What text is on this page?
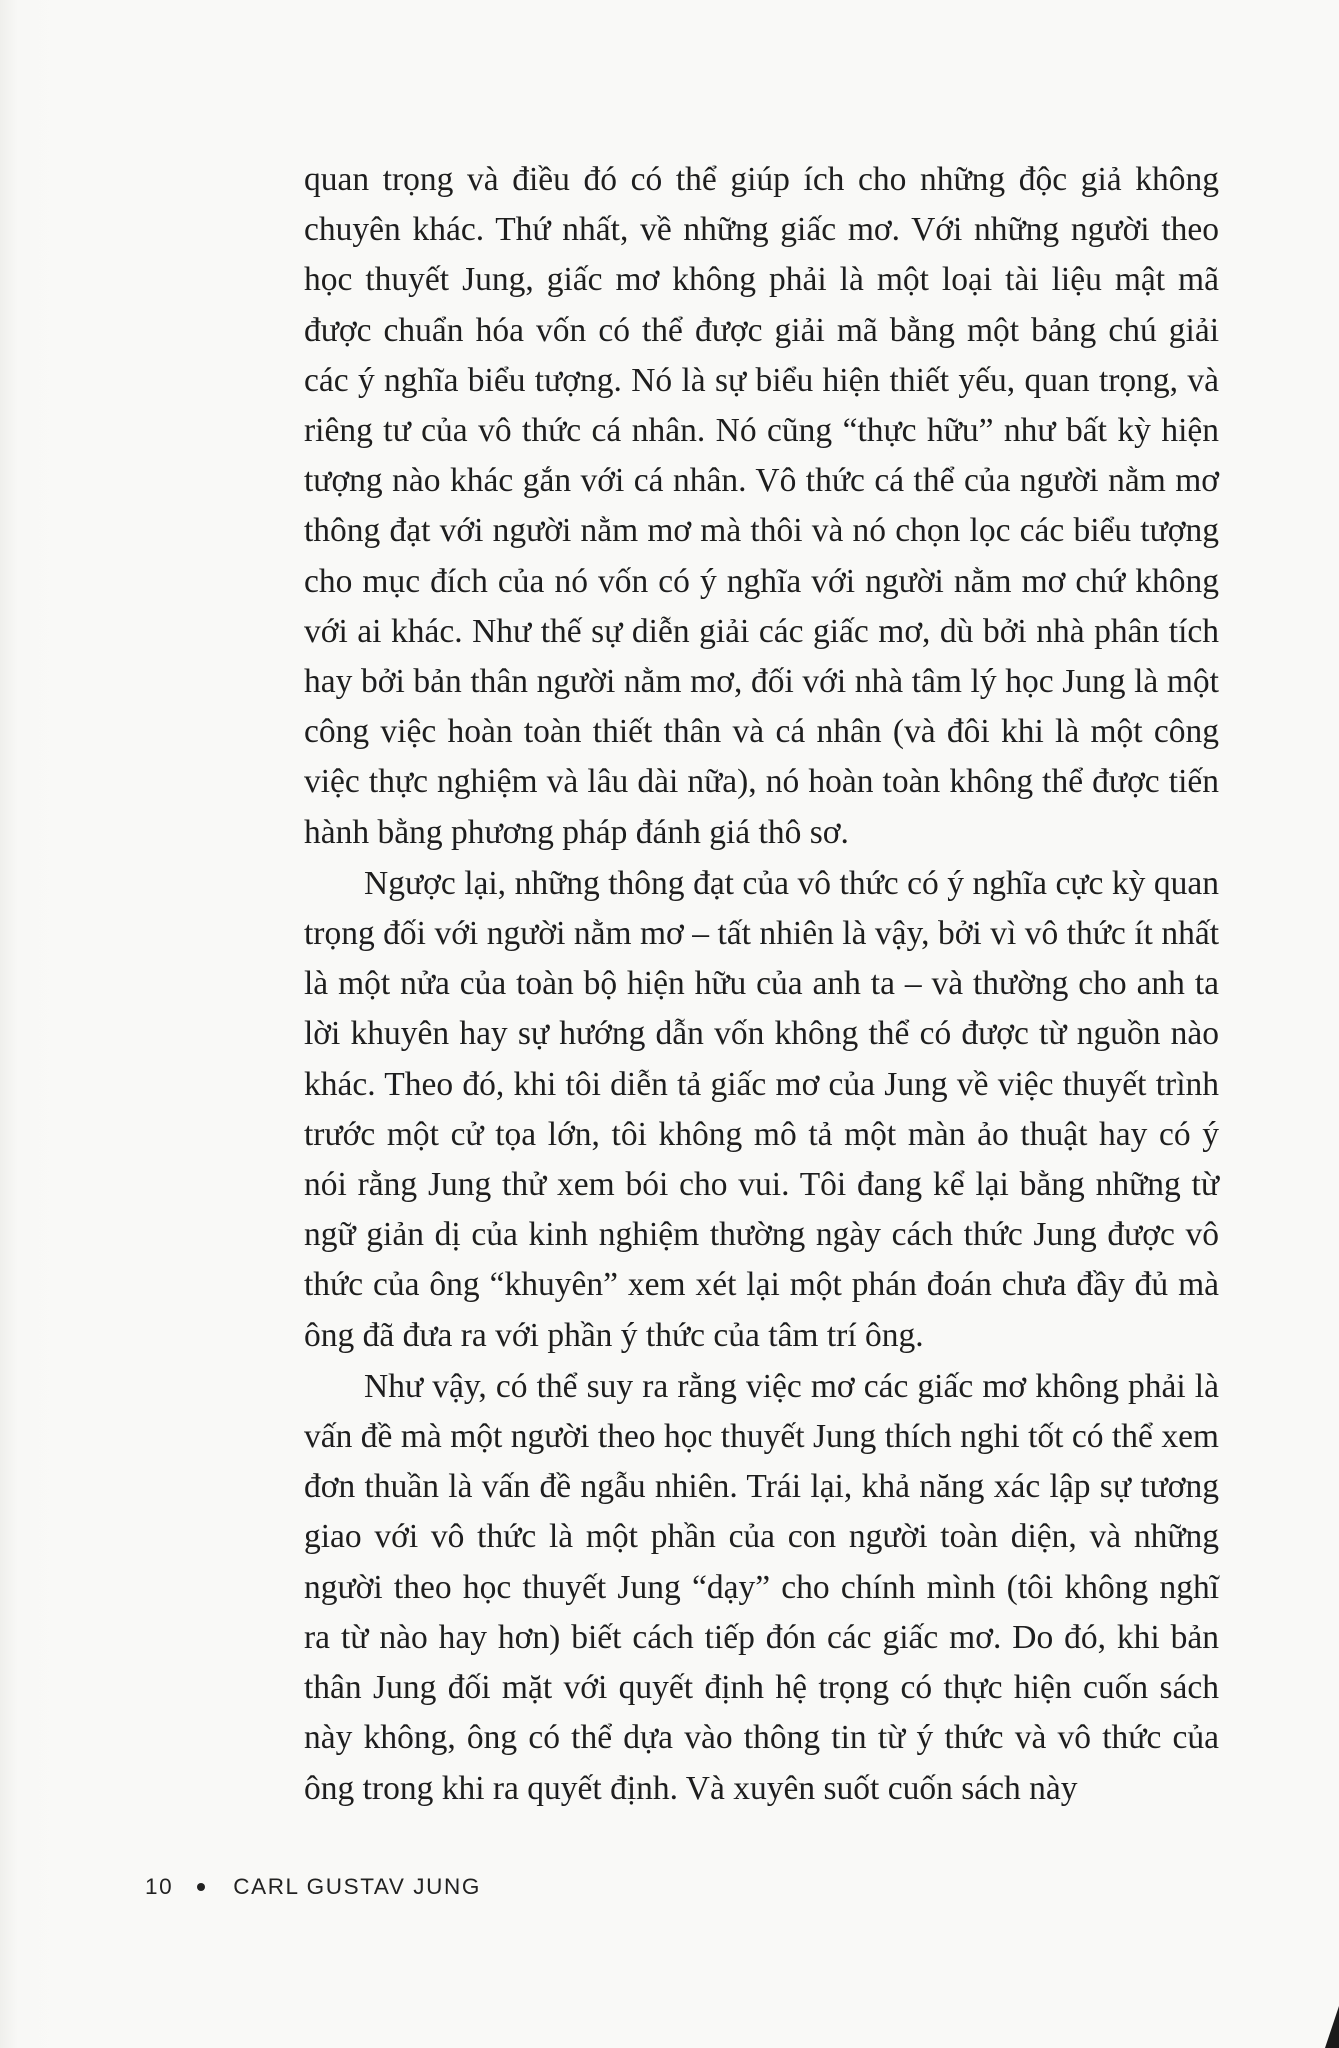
quan trọng và điều đó có thể giúp ích cho những độc giả không chuyên khác. Thứ nhất, về những giấc mơ. Với những người theo học thuyết Jung, giấc mơ không phải là một loại tài liệu mật mã được chuẩn hóa vốn có thể được giải mã bằng một bảng chú giải các ý nghĩa biểu tượng. Nó là sự biểu hiện thiết yếu, quan trọng, và riêng tư của vô thức cá nhân. Nó cũng “thực hữu” như bất kỳ hiện tượng nào khác gắn với cá nhân. Vô thức cá thể của người nằm mơ thông đạt với người nằm mơ mà thôi và nó chọn lọc các biểu tượng cho mục đích của nó vốn có ý nghĩa với người nằm mơ chứ không với ai khác. Như thế sự diễn giải các giấc mơ, dù bởi nhà phân tích hay bởi bản thân người nằm mơ, đối với nhà tâm lý học Jung là một công việc hoàn toàn thiết thân và cá nhân (và đôi khi là một công việc thực nghiệm và lâu dài nữa), nó hoàn toàn không thể được tiến hành bằng phương pháp đánh giá thô sơ.

Ngược lại, những thông đạt của vô thức có ý nghĩa cực kỳ quan trọng đối với người nằm mơ – tất nhiên là vậy, bởi vì vô thức ít nhất là một nửa của toàn bộ hiện hữu của anh ta – và thường cho anh ta lời khuyên hay sự hướng dẫn vốn không thể có được từ nguồn nào khác. Theo đó, khi tôi diễn tả giấc mơ của Jung về việc thuyết trình trước một cử tọa lớn, tôi không mô tả một màn ảo thuật hay có ý nói rằng Jung thử xem bói cho vui. Tôi đang kể lại bằng những từ ngữ giản dị của kinh nghiệm thường ngày cách thức Jung được vô thức của ông “khuyên” xem xét lại một phán đoán chưa đầy đủ mà ông đã đưa ra với phần ý thức của tâm trí ông.

Như vậy, có thể suy ra rằng việc mơ các giấc mơ không phải là vấn đề mà một người theo học thuyết Jung thích nghi tốt có thể xem đơn thuần là vấn đề ngẫu nhiên. Trái lại, khả năng xác lập sự tương giao với vô thức là một phần của con người toàn diện, và những người theo học thuyết Jung “dạy” cho chính mình (tôi không nghĩ ra từ nào hay hơn) biết cách tiếp đón các giấc mơ. Do đó, khi bản thân Jung đối mặt với quyết định hệ trọng có thực hiện cuốn sách này không, ông có thể dựa vào thông tin từ ý thức và vô thức của ông trong khi ra quyết định. Và xuyên suốt cuốn sách này

10	CARL GUSTAV JUNG
